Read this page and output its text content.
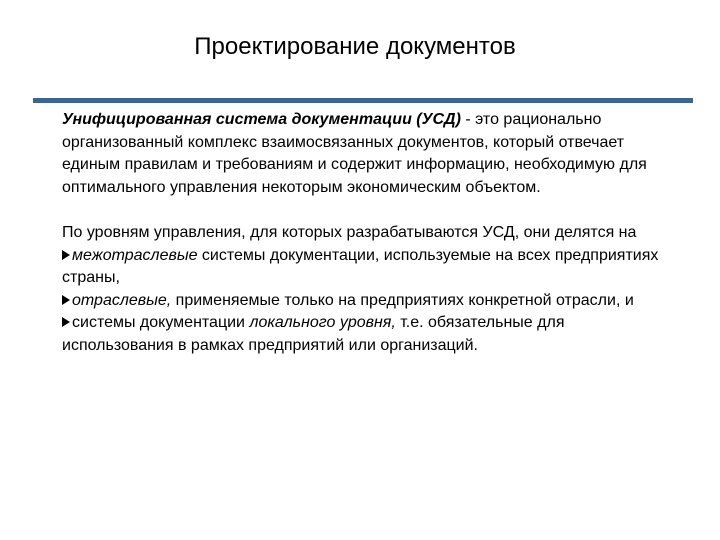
Проектирование документов

Унифицированная система документации (УСД) - это рациональнo организованный комплекс взаимосвязанных документов, который отвечает единым правилам и требованиям и содержит информацию, необходимую для оптимального управления некоторым экономическим объектом.

По уровням управления, для которых разрабатываются УСД, они делятся на

межотраслевые системы документации, используемые на всех предприятиях страны,
отраслевые, применяемые только на предприятиях конкретной отрасли, и
системы документации локального уровня, т.е. обязательные для использования в рамках предприятий или организаций.
